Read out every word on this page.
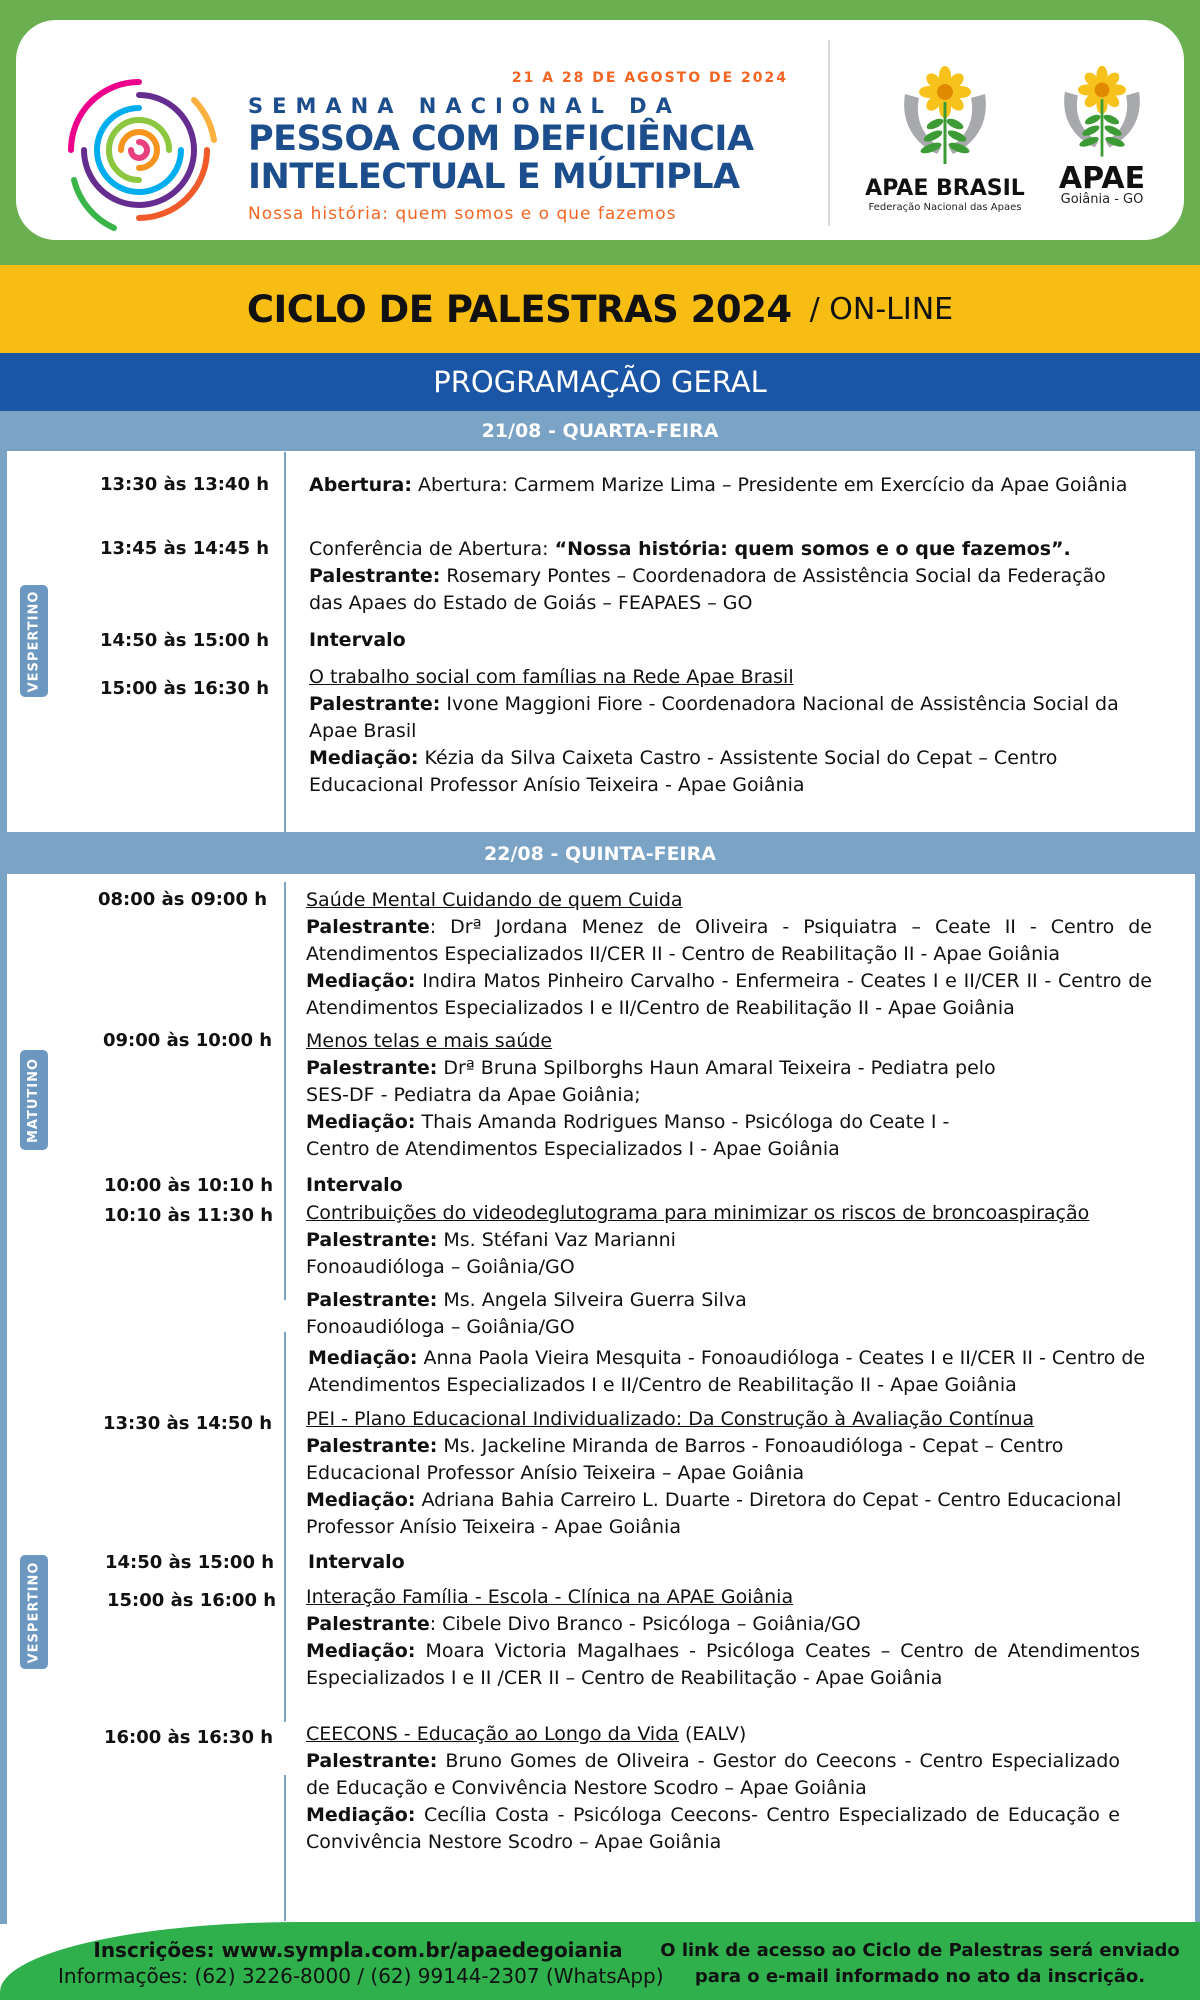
21 A 28 DE AGOSTO DE 2024
SEMANA NACIONAL DA
PESSOA COM DEFICIÊNCIA
INTELECTUAL E MÚLTIPLA
Nossa história: quem somos e o que fazemos
APAE BRASIL
Federação Nacional das Apaes
APAE
Goiânia - GO
CICLO DE PALESTRAS 2024 / ON-LINE
PROGRAMAÇÃO GERAL
21/08 - QUARTA-FEIRA
VESPERTINO
13:30 às 13:40 h Abertura: Abertura: Carmem Marize Lima – Presidente em Exercício da Apae Goiânia

13:45 às 14:45 h Conferência de Abertura: “Nossa história: quem somos e o que fazemos”.

Palestrante: Rosemary Pontes – Coordenadora de Assistência Social da Federação das Apaes do Estado de Goiás – FEAPAES – GO

14:50 às 15:00 h Intervalo

15:00 às 16:30 h

O trabalho social com famílias na Rede Apae Brasil

Palestrante: Ivone Maggioni Fiore - Coordenadora Nacional de Assistência Social da Apae Brasil

Mediação: Kézia da Silva Caixeta Castro - Assistente Social do Cepat – Centro Educacional Professor Anísio Teixeira - Apae Goiânia

22/08 - QUINTA-FEIRA
MATUTINO
VESPERTINO
08:00 às 09:00 h Saúde Mental Cuidando de quem Cuida

Palestrante: Drª Jordana Menez de Oliveira - Psiquiatra – Ceate II - Centro de Atendimentos Especializados II/CER II - Centro de Reabilitação II - Apae Goiânia

Mediação: Indira Matos Pinheiro Carvalho - Enfermeira - Ceates I e II/CER II - Centro de Atendimentos Especializados I e II/Centro de Reabilitação II - Apae Goiânia

09:00 às 10:00 h Menos telas e mais saúde

Palestrante: Drª Bruna Spilborghs Haun Amaral Teixeira - Pediatra pelo

SES-DF - Pediatra da Apae Goiânia;

Mediação: Thais Amanda Rodrigues Manso - Psicóloga do Ceate I -

Centro de Atendimentos Especializados I - Apae Goiânia

10:00 às 10:10 h Intervalo

10:10 às 11:30 h Contribuições do videodeglutograma para minimizar os riscos de broncoaspiração

Palestrante: Ms. Stéfani Vaz Marianni

Fonoaudióloga – Goiânia/GO

Palestrante: Ms. Angela Silveira Guerra Silva

Fonoaudióloga – Goiânia/GO

Mediação: Anna Paola Vieira Mesquita - Fonoaudióloga - Ceates I e II/CER II - Centro de Atendimentos Especializados I e II/Centro de Reabilitação II - Apae Goiânia

13:30 às 14:50 h PEI - Plano Educacional Individualizado: Da Construção à Avaliação Contínua

Palestrante: Ms. Jackeline Miranda de Barros - Fonoaudióloga - Cepat – Centro Educacional Professor Anísio Teixeira – Apae Goiânia

Mediação: Adriana Bahia Carreiro L. Duarte - Diretora do Cepat - Centro Educacional Professor Anísio Teixeira - Apae Goiânia

14:50 às 15:00 h Intervalo

15:00 às 16:00 h Interação Família - Escola - Clínica na APAE Goiânia

Palestrante: Cibele Divo Branco - Psicóloga – Goiânia/GO

Mediação: Moara Victoria Magalhaes - Psicóloga Ceates – Centro de Atendimentos Especializados I e II /CER II – Centro de Reabilitação - Apae Goiânia

16:00 às 16:30 h CEECONS - Educação ao Longo da Vida (EALV)

Palestrante: Bruno Gomes de Oliveira - Gestor do Ceecons - Centro Especializado de Educação e Convivência Nestore Scodro – Apae Goiânia

Mediação: Cecília Costa - Psicóloga Ceecons- Centro Especializado de Educação e Convivência Nestore Scodro – Apae Goiânia

Inscrições: www.sympla.com.br/apaedegoiania
Informações: (62) 3226-8000 / (62) 99144-2307 (WhatsApp)
O link de acesso ao Ciclo de Palestras será enviado
para o e-mail informado no ato da inscrição.
